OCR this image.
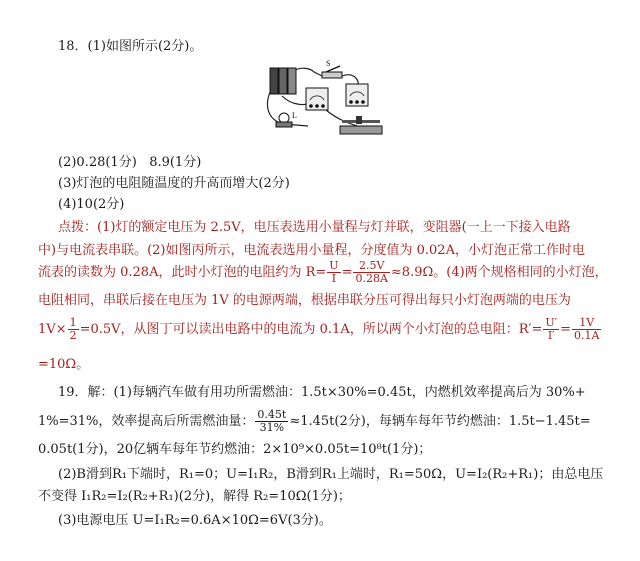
18．(1)如图所示(2分)。
S
L
(2)0.28(1分) 8.9(1分)
(3)灯泡的电阻随温度的升高而增大(2分)
(4)10(2分)
点拨：(1)灯的额定电压为 2.5V，电压表选用小量程与灯并联，变阻器(一上一下接入电路
中)与电流表串联。(2)如图丙所示，电流表选用小量程，分度值为 0.02A，小灯泡正常工作时电
流表的读数为 0.28A，此时小灯泡的电阻约为 $R= \frac{U}{I} = \frac{2.5V}{0.28A} \approx 8.9\Omega$。(4)两个规格相同的小灯泡，
电阻相同，串联后接在电压为 1V 的电源两端，根据串联分压可得出每只小灯泡两端的电压为
$1V\times \frac{1}{2} =0.5V$，从图丁可以读出电路中的电流为 0.1A，所以两个小灯泡的总电阻：$R'= \frac{U'}{I'} = \frac{1V}{0.1A}$
=10Ω。
19．解：(1)每辆汽车做有用功所需燃油：1.5t×30%=0.45t，内燃机效率提高后为 30%+
1%=31%，效率提高后所需燃油量： $\frac{0.45t}{31\%} \approx 1.45t(2$分)，每辆车每年节约燃油：1.5t−1.45t=
0.05t(1分)，20亿辆车每年节约燃油：2×10⁹×0.05t=10⁸t(1分)；
(2)B滑到R₁下端时，R₁=0；U=I₁R₂，B滑到R₁上端时，R₁=50Ω，U=I₂(R₂+R₁)；由总电压
不变得 I₁R₂=I₂(R₂+R₁)(2分)，解得 R₂=10Ω(1分)；
(3)电源电压 U=I₁R₂=0.6A×10Ω=6V(3分)。
